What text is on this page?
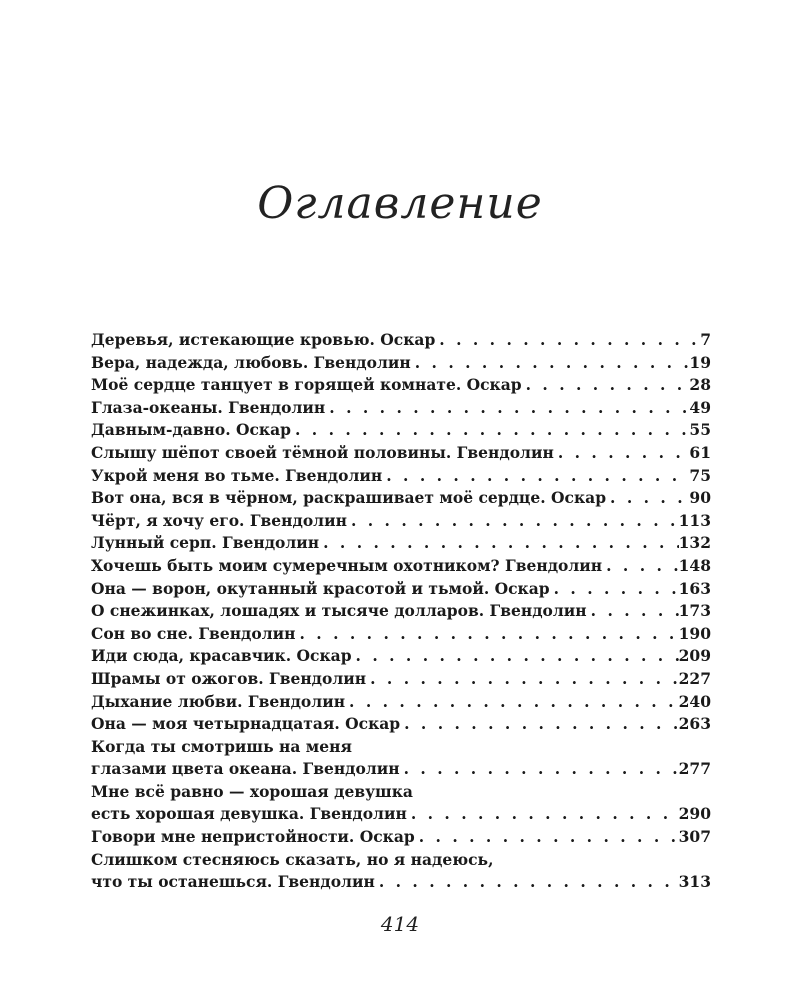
Оглавление
Деревья, истекающие кровью. Оскар . . .	7
Вера, надежда, любовь. Гвендолин . . .	19
Моё сердце танцует в горящей комнате. Оскар . . .	28
Глаза-океаны. Гвендолин . . .	49
Давным-давно. Оскар . . .	55
Слышу шёпот своей тёмной половины. Гвендолин . . .	61
Укрой меня во тьме. Гвендолин . . .	75
Вот она, вся в чёрном, раскрашивает моё сердце. Оскар . . .	90
Чёрт, я хочу его. Гвендолин . . .	113
Лунный серп. Гвендолин . . .	132
Хочешь быть моим сумеречным охотником? Гвендолин . . .	148
Она — ворон, окутанный красотой и тьмой. Оскар . . .	163
О снежинках, лошадях и тысяче долларов. Гвендолин . . .	173
Сон во сне. Гвендолин . . .	190
Иди сюда, красавчик. Оскар . . .	209
Шрамы от ожогов. Гвендолин . . .	227
Дыхание любви. Гвендолин . . .	240
Она — моя четырнадцатая. Оскар . . .	263
Когда ты смотришь на меня
глазами цвета океана. Гвендолин . . .	277
Мне всё равно — хорошая девушка
есть хорошая девушка. Гвендолин . . .	290
Говори мне непристойности. Оскар . . .	307
Слишком стесняюсь сказать, но я надеюсь,
что ты останешься. Гвендолин . . .	313
414
